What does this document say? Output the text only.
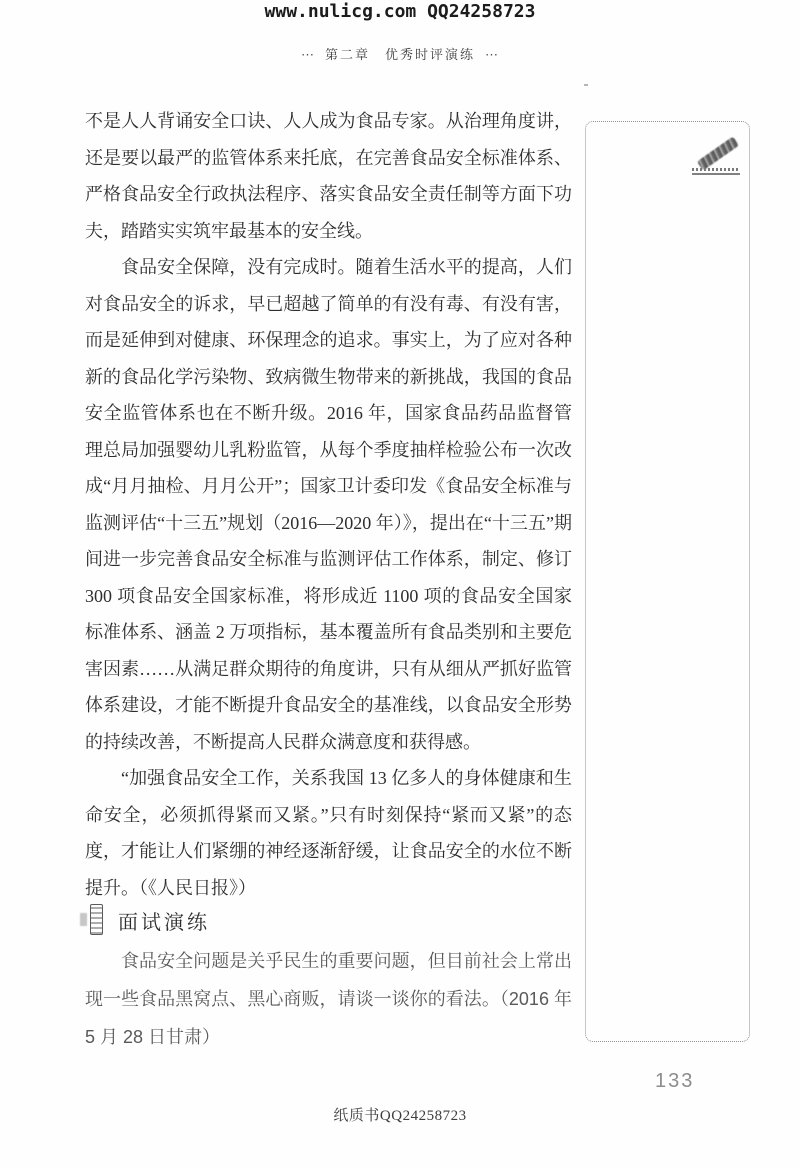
www.nulicg.com QQ24258723
⋯ 第二章　优秀时评演练 ⋯

不是人人背诵安全口诀、人人成为食品专家。从治理角度讲，还是要以最严的监管体系来托底，在完善食品安全标准体系、严格食品安全行政执法程序、落实食品安全责任制等方面下功夫，踏踏实实筑牢最基本的安全线。

食品安全保障，没有完成时。随着生活水平的提高，人们对食品安全的诉求，早已超越了简单的有没有毒、有没有害，而是延伸到对健康、环保理念的追求。事实上，为了应对各种新的食品化学污染物、致病微生物带来的新挑战，我国的食品安全监管体系也在不断升级。2016 年，国家食品药品监督管理总局加强婴幼儿乳粉监管，从每个季度抽样检验公布一次改成“月月抽检、月月公开”；国家卫计委印发《食品安全标准与监测评估“十三五”规划（2016—2020 年）》，提出在“十三五”期间进一步完善食品安全标准与监测评估工作体系，制定、修订 300 项食品安全国家标准，将形成近 1100 项的食品安全国家标准体系、涵盖 2 万项指标，基本覆盖所有食品类别和主要危害因素……从满足群众期待的角度讲，只有从细从严抓好监管体系建设，才能不断提升食品安全的基准线，以食品安全形势的持续改善，不断提高人民群众满意度和获得感。

“加强食品安全工作，关系我国 13 亿多人的身体健康和生命安全，必须抓得紧而又紧。”只有时刻保持“紧而又紧”的态度，才能让人们紧绷的神经逐渐舒缓，让食品安全的水位不断提升。（《人民日报》）

面试演练
食品安全问题是关乎民生的重要问题，但目前社会上常出现一些食品黑窝点、黑心商贩，请谈一谈你的看法。（2016 年 5 月 28 日甘肃）
133
纸质书QQ24258723
